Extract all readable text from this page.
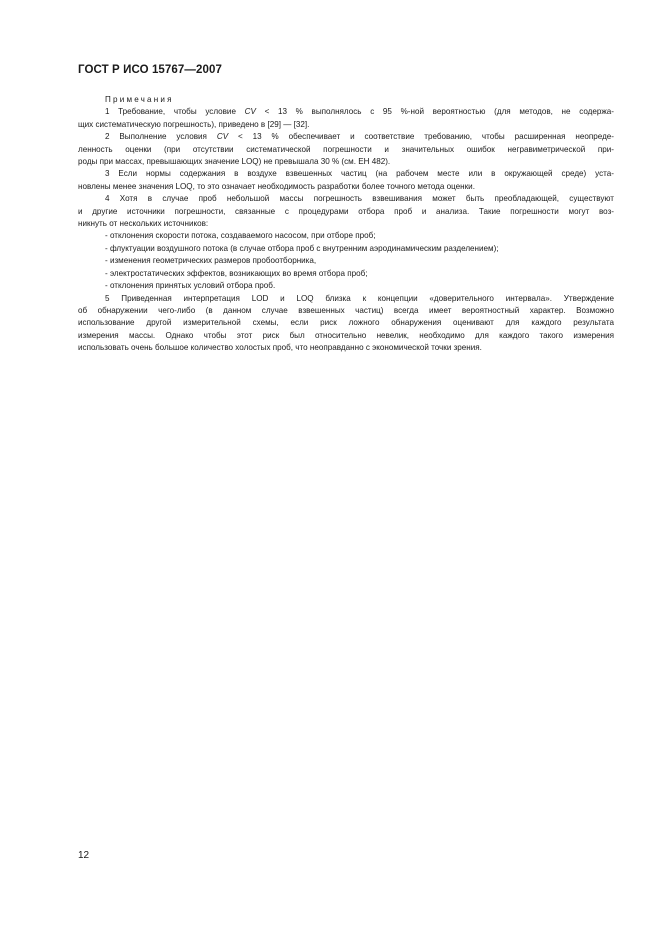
ГОСТ Р ИСО 15767—2007
Примечания
1 Требование, чтобы условие CV < 13 % выполнялось с 95 %-ной вероятностью (для методов, не содержа-
щих систематическую погрешность), приведено в [29] — [32].
2 Выполнение условия CV < 13 % обеспечивает и соответствие требованию, чтобы расширенная неопреде-
ленность оценки (при отсутствии систематической погрешности и значительных ошибок негравиметрической при-
роды при массах, превышающих значение LOQ) не превышала 30 % (см. ЕН 482).
3 Если нормы содержания в воздухе взвешенных частиц (на рабочем месте или в окружающей среде) уста-
новлены менее значения LOQ, то это означает необходимость разработки более точного метода оценки.
4 Хотя в случае проб небольшой массы погрешность взвешивания может быть преобладающей, существуют
и другие источники погрешности, связанные с процедурами отбора проб и анализа. Такие погрешности могут воз-
никнуть от нескольких источников:
- отклонения скорости потока, создаваемого насосом, при отборе проб;
- флуктуации воздушного потока (в случае отбора проб с внутренним аэродинамическим разделением);
- изменения геометрических размеров пробоотборника,
- электростатических эффектов, возникающих во время отбора проб;
- отклонения принятых условий отбора проб.
5 Приведенная интерпретация LOD и LOQ близка к концепции «доверительного интервала». Утверждение
об обнаружении чего-либо (в данном случае взвешенных частиц) всегда имеет вероятностный характер. Возможно
использование другой измерительной схемы, если риск ложного обнаружения оценивают для каждого результата
измерения массы. Однако чтобы этот риск был относительно невелик, необходимо для каждого такого измерения
использовать очень большое количество холостых проб, что неоправданно с экономической точки зрения.
12
